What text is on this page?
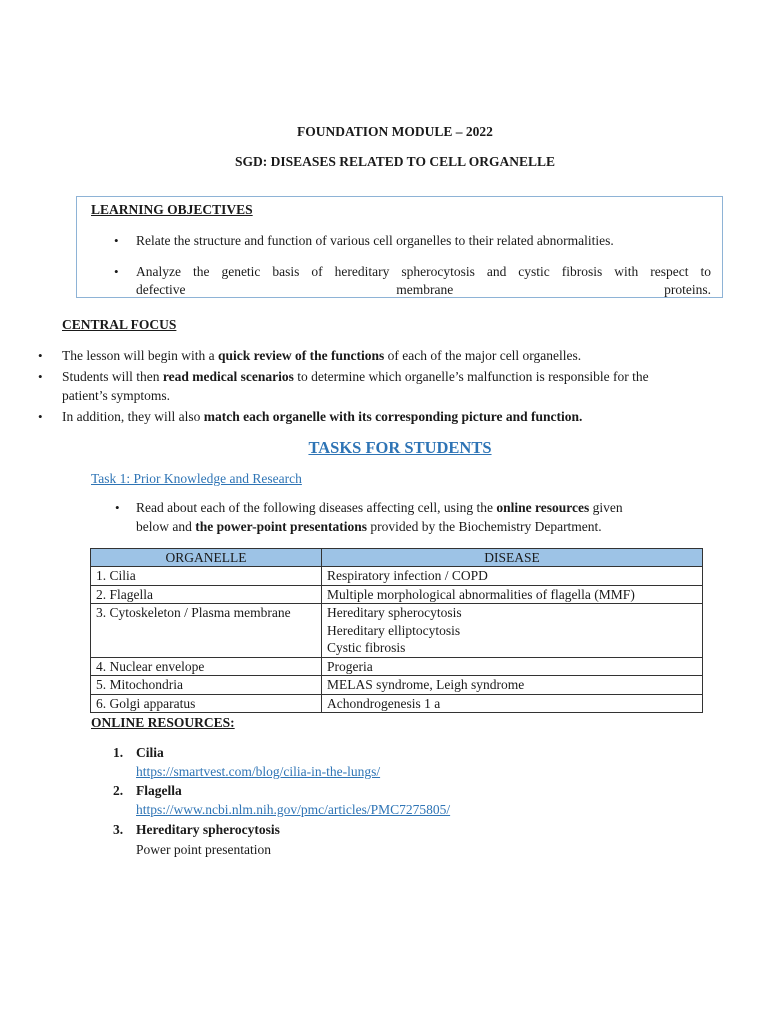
FOUNDATION MODULE – 2022
SGD: DISEASES RELATED TO CELL ORGANELLE
LEARNING OBJECTIVES
• Relate the structure and function of various cell organelles to their related abnormalities.
• Analyze the genetic basis of hereditary spherocytosis and cystic fibrosis with respect to
defective	membrane	proteins.
CENTRAL FOCUS
• The lesson will begin with a quick review of the functions of each of the major cell organelles.
• Students will then read medical scenarios to determine which organelle’s malfunction is responsible for the
patient’s symptoms.
• In addition, they will also match each organelle with its corresponding picture and function.
TASKS FOR STUDENTS
Task 1: Prior Knowledge and Research
• Read about each of the following diseases affecting cell, using the online resources given
below and the power-point presentations provided by the Biochemistry Department.
ORGANELLE	DISEASE
1. Cilia	Respiratory infection / COPD
2. Flagella	Multiple morphological abnormalities of flagella (MMF)
3. Cytoskeleton / Plasma membrane	Hereditary spherocytosis
Hereditary elliptocytosis
Cystic fibrosis

4. Nuclear envelope	Progeria
5. Mitochondria	MELAS syndrome, Leigh syndrome
6. Golgi apparatus	Achondrogenesis 1 a
ONLINE RESOURCES:
1. Cilia
https://smartvest.com/blog/cilia-in-the-lungs/
2. Flagella
https://www.ncbi.nlm.nih.gov/pmc/articles/PMC7275805/
3. Hereditary spherocytosis
Power point presentation
